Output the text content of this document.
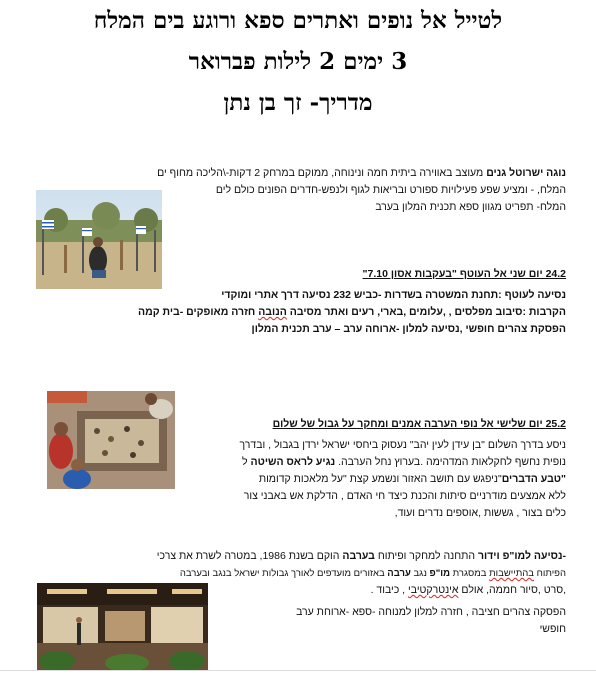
לטייל אל נופים ואתרים ספא ורוגע בים המלח
3 ימים 2 לילות פברואר
מדריך- זך בן נתן
נוגה ישרוטל גנים מעוצב באווירה ביתית חמה ונינוחה, ממוקם במרחק 2 דקות-\הליכה מחוף ים
המלח, - ומציע שפע פעילויות ספורט ובריאות לגוף ולנפש-חדרים הפונים כולם לים
המלח- תפריט מגוון ספא תכנית המלון בערב
24.2 יום שני אל העוטף "בעקבות אסון 7.10"
נסיעה לעוטף :תחנת המשטרה בשדרות -כביש 232 נסיעה דרך אתרי ומוקדי
הקרבות :סיבוב מפלסים , ,עלומים ,בארי, רעים ואתר מסיבה הנובה חזרה מאופקים -בית קמה
הפסקת צהרים חופשי ,נסיעה למלון -ארוחה ערב – ערב תכנית המלון
25.2 יום שלישי אל נופי הערבה אמנים ומחקר על גבול של שלום
ניסע בדרך השלום "בן עידן לעין יהב" נעסוק ביחסי ישראל ירדן בגבול , ובדרך
נופית נחשף לחקלאות המדהימה .בערוץ נחל הערבה. נגיע לראס השיטה ל
"טבע הדברים"ניפגש עם תושב האזור ונשמע קצת "על מלאכות קדומות
ללא אמצעים מודרניים סיתות והכנת כיצד חי האדם , הדלקת אש באבני צור
כלים בצור , גששות ,אוספים נדרים ועוד,
-נסיעה למו"פ וידור התחנה למחקר ופיתוח בערבה הוקם בשנת 1986, במטרה לשרת את צרכי
הפיתוח בהתיישבות במסגרת מו"פ נגב ערבה באזורים מועדפים לאורך גבולות ישראל בנגב ובערבה
,סרט ,סיור חממה, אולם אינטרקטיבי , כיבוד .
הפסקה צהרים חציבה , חזרה למלון למנוחה -ספא -ארוחת ערב
חופשי
